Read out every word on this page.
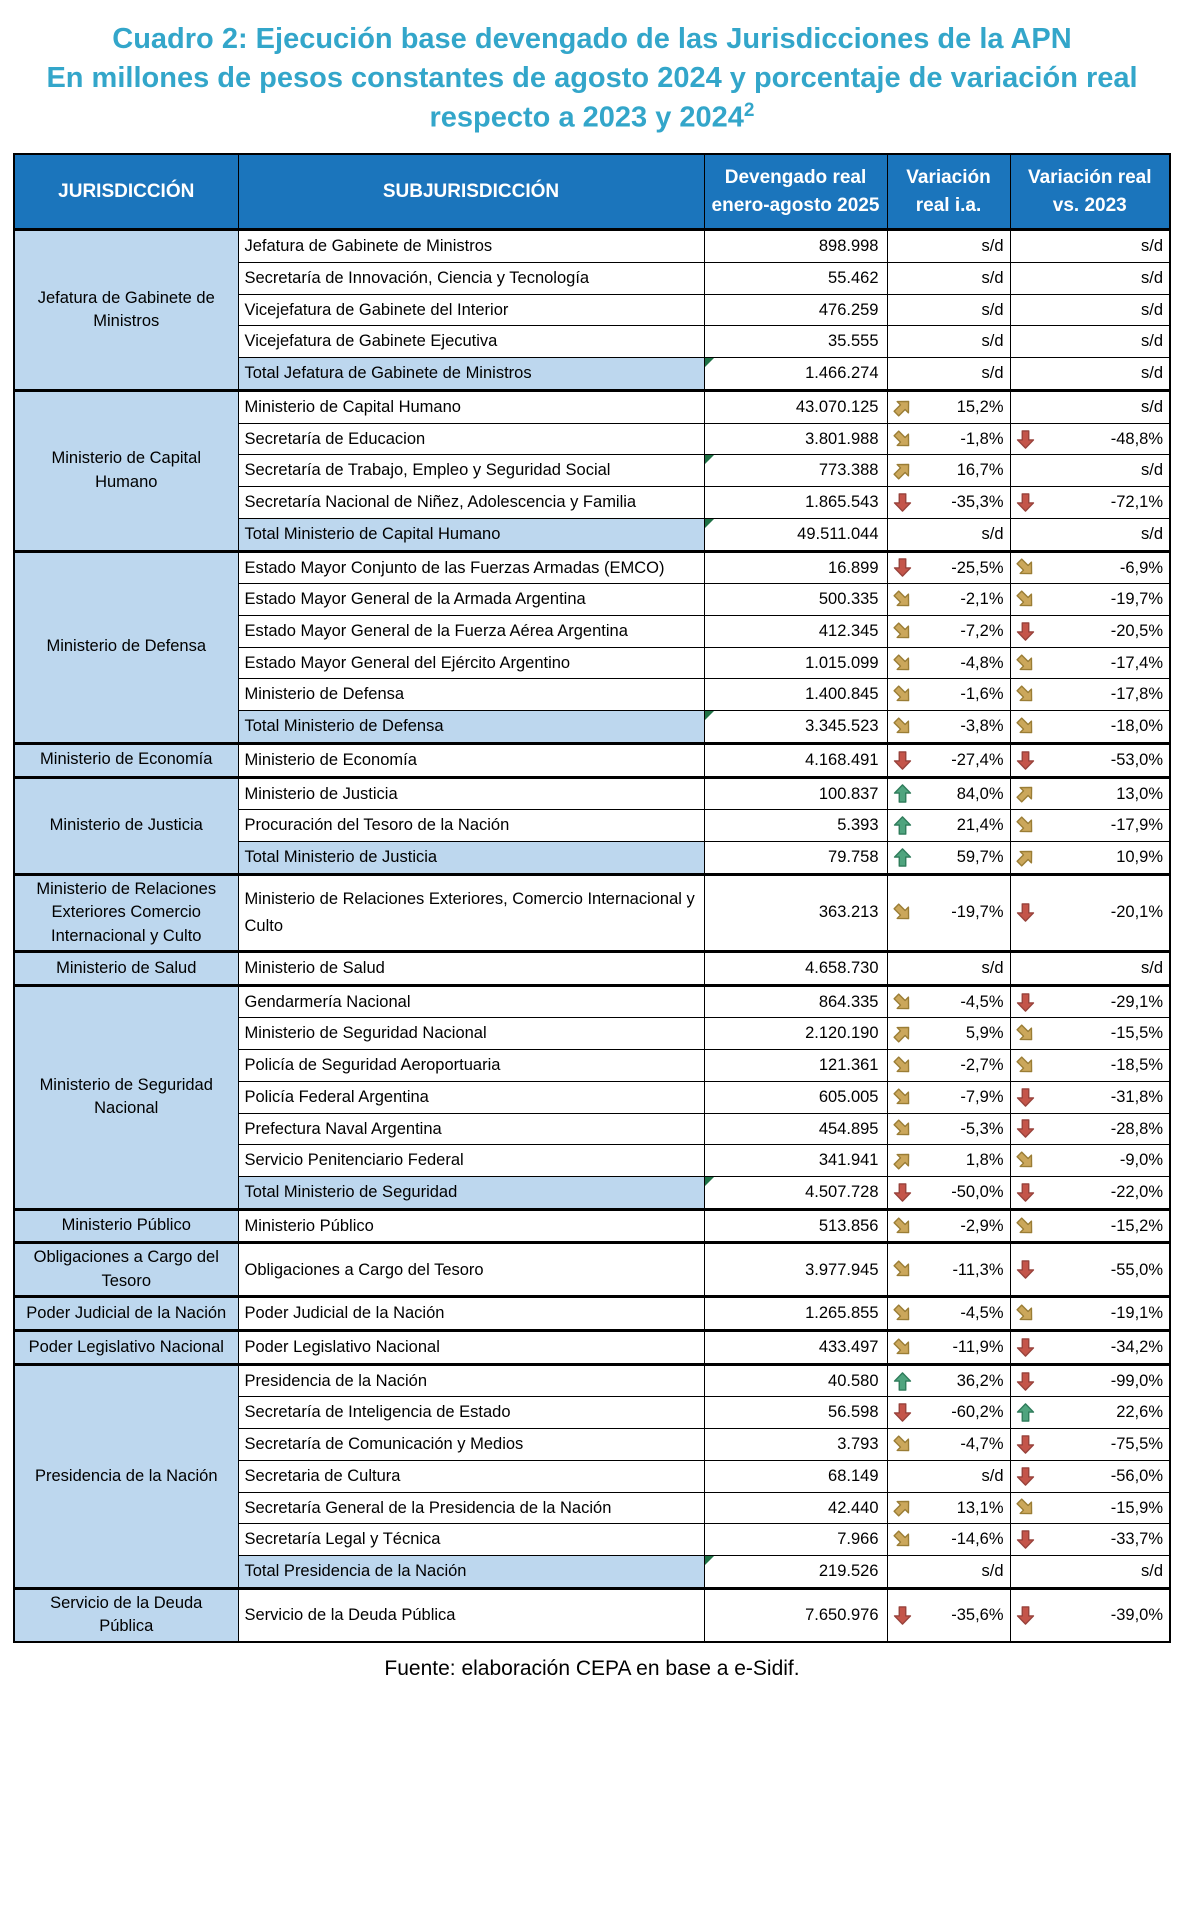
Cuadro 2: Ejecución base devengado de las Jurisdicciones de la APN
En millones de pesos constantes de agosto 2024 y porcentaje de variación real
respecto a 2023 y 2024$^2$
JURISDICCIÓN	SUBJURISDICCIÓN	Devengado real enero-agosto 2025	Variación real i.a.	Variación real vs. 2023
Jefatura de Gabinete de Ministros	Jefatura de Gabinete de Ministros	898.998	s/d	s/d

	Secretaría de Innovación, Ciencia y Tecnología	55.462	s/d	s/d

	Vicejefatura de Gabinete del Interior	476.259	s/d	s/d

	Vicejefatura de Gabinete Ejecutiva	35.555	s/d	s/d

	Total Jefatura de Gabinete de Ministros	1.466.274	s/d	s/d

Ministerio de Capital Humano	Ministerio de Capital Humano	43.070.125	15,2%	s/d

	Secretaría de Educacion	3.801.988	-1,8%	-48,8%

	Secretaría de Trabajo, Empleo y Seguridad Social	773.388	16,7%	s/d

	Secretaría Nacional de Niñez, Adolescencia y Familia	1.865.543	-35,3%	-72,1%

	Total Ministerio de Capital Humano	49.511.044	s/d	s/d

Ministerio de Defensa	Estado Mayor Conjunto de las Fuerzas Armadas (EMCO)	16.899	-25,5%	-6,9%

	Estado Mayor General de la Armada Argentina	500.335	-2,1%	-19,7%

	Estado Mayor General de la Fuerza Aérea Argentina	412.345	-7,2%	-20,5%

	Estado Mayor General del Ejército Argentino	1.015.099	-4,8%	-17,4%

	Ministerio de Defensa	1.400.845	-1,6%	-17,8%

	Total Ministerio de Defensa	3.345.523	-3,8%	-18,0%

Ministerio de Economía	Ministerio de Economía	4.168.491	-27,4%	-53,0%

Ministerio de Justicia	Ministerio de Justicia	100.837	84,0%	13,0%

	Procuración del Tesoro de la Nación	5.393	21,4%	-17,9%

	Total Ministerio de Justicia	79.758	59,7%	10,9%

Ministerio de Relaciones Exteriores Comercio Internacional y Culto	Ministerio de Relaciones Exteriores, Comercio Internacional y Culto	363.213	-19,7%	-20,1%

Ministerio de Salud	Ministerio de Salud	4.658.730	s/d	s/d

Ministerio de Seguridad Nacional	Gendarmería Nacional	864.335	-4,5%	-29,1%

	Ministerio de Seguridad Nacional	2.120.190	5,9%	-15,5%

	Policía de Seguridad Aeroportuaria	121.361	-2,7%	-18,5%

	Policía Federal Argentina	605.005	-7,9%	-31,8%

	Prefectura Naval Argentina	454.895	-5,3%	-28,8%

	Servicio Penitenciario Federal	341.941	1,8%	-9,0%

	Total Ministerio de Seguridad	4.507.728	-50,0%	-22,0%

Ministerio Público	Ministerio Público	513.856	-2,9%	-15,2%

Obligaciones a Cargo del Tesoro	Obligaciones a Cargo del Tesoro	3.977.945	-11,3%	-55,0%

Poder Judicial de la Nación	Poder Judicial de la Nación	1.265.855	-4,5%	-19,1%

Poder Legislativo Nacional	Poder Legislativo Nacional	433.497	-11,9%	-34,2%

Presidencia de la Nación	Presidencia de la Nación	40.580	36,2%	-99,0%

	Secretaría de Inteligencia de Estado	56.598	-60,2%	22,6%

	Secretaría de Comunicación y Medios	3.793	-4,7%	-75,5%

	Secretaria de Cultura	68.149	s/d	-56,0%

	Secretaría General de la Presidencia de la Nación	42.440	13,1%	-15,9%

	Secretaría Legal y Técnica	7.966	-14,6%	-33,7%

	Total Presidencia de la Nación	219.526	s/d	s/d

Servicio de la Deuda Pública	Servicio de la Deuda Pública	7.650.976	-35,6%	-39,0%
Fuente: elaboración CEPA en base a e-Sidif.
